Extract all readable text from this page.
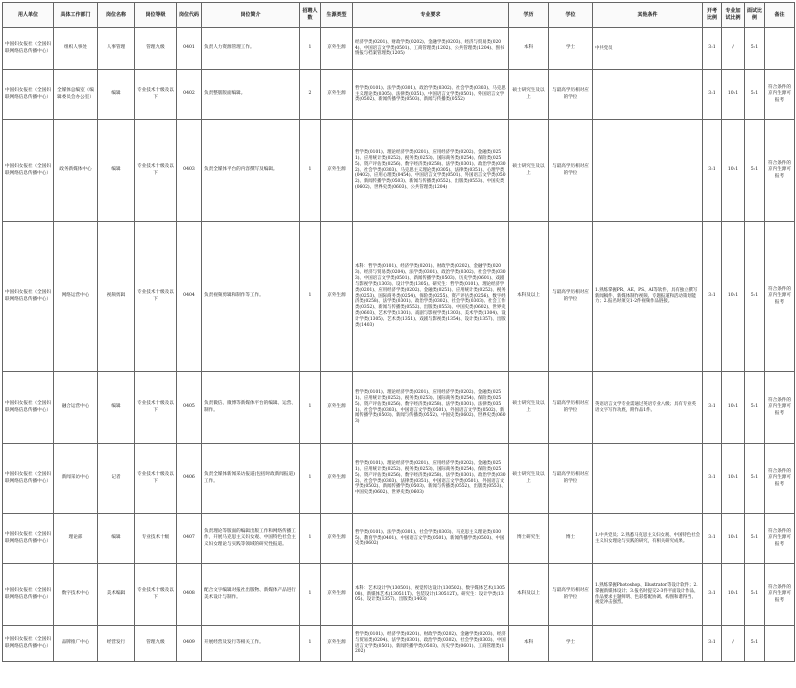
用人单位	具体工作部门	岗位名称	岗位等级	岗位代码	岗位简介	招聘人数	生源类型	专业要求	学历	学位	其他条件	开考比例	专业加试比例	面试比例	备注
中国妇女报社（全国妇联网络信息传播中心）	组织人事处	人事管理	管理九级	0401	负责人力资源管理工作。	1	京外生源	经济学类(0201)、财政学类(0202)、金融学类(0203)、经济与贸易类(0204)、中国语言文学类(0501)、工商管理类(1202)、公共管理类(1204)、图书情报与档案管理类(1205)	本科	学士	中共党员	3:1	/	5:1	
中国妇女报社（全国妇联网络信息传播中心）	全媒体总编室（编辑委员会办公室）	编辑	专业技术十级及以下	0402	负责整版版面编辑。	2	京外生源	哲学类(0101)、法学类(0301)、政治学类(0302)、社会学类(0303)、马克思主义理论类(0305)、法律类(0351)、中国语言文学类(0501)、外国语言文学类(0502)、新闻传播学类(0503)、新闻与传播类(0552)	硕士研究生及以上	与最高学历相对应的学位		3:1	10:1	5:1	符合条件的京内生源可报考
中国妇女报社（全国妇联网络信息传播中心）	政务新媒体中心	编辑	专业技术十级及以下	0403	负责全媒体平台的内容撰写及编辑。	1	京外生源	哲学类(0101)、理论经济学类(0201)、应用经济学类(0202)、金融类(0251)、应用统计类(0252)、税务类(0253)、国际商务类(0254)、保险类(0255)、资产评估类(0256)、数字经济类(0258)、法学类(0301)、政治学类(0302)、社会学类(0303)、马克思主义理论类(0305)、法律类(0351)、心理学类(0402)、应用心理类(0454)、中国语言文学类(0501)、外国语言文学类(0502)、新闻传播学类(0503)、新闻与传播类(0552)、出版类(0553)、中国史类(0602)、世界史类(0603)、公共管理类(1204)	硕士研究生及以上	与最高学历相对应的学位		3:1	10:1	5:1	符合条件的京内生源可报考
中国妇女报社（全国妇联网络信息传播中心）	网络运营中心	视频剪辑	专业技术十级及以下	0404	负责视频剪辑和制作等工作。	1	京外生源	本科：哲学类(0101)、经济学类(0201)、财政学类(0202)、金融学类(0203)、经济与贸易类(0204)、法学类(0301)、政治学类(0302)、社会学类(0303)、中国语言文学类(0501)、新闻传播学类(0503)、历史学类(0601)、戏剧与影视学类(1303)、设计学类(1305)。研究生：哲学类(0101)、理论经济学类(0201)、应用经济学类(0202)、金融类(0251)、应用统计类(0252)、税务类(0253)、国际商务类(0254)、保险类(0255)、资产评估类(0256)、数字经济类(0258)、法学类(0301)、政治学类(0302)、社会学类(0303)、社会工作类(0352)、新闻与传播类(0552)、出版类(0553)、中国史类(0602)、世界史类(0603)、艺术学类(1301)、戏剧与影视学类(1303)、美术学类(1304)、设计学类(1305)、艺术类(1351)、戏剧与影视类(1354)、设计类(1357)、出版类(1403)	本科及以上	与最高学历相对应的学位	1.熟练掌握PR、AE、PS、AI等软件，具有独立撰写新闻稿件、新媒体制作视频、专题报道和活动策划能力；2.报名时须交1-2件视频作品链接。	3:1	10:1	5:1	符合条件的京内生源可报考
中国妇女报社（全国妇联网络信息传播中心）	融合运营中心	编辑	专业技术十级及以下	0405	负责微信、微博等新媒体平台的编辑、运营、制作。	1	京外生源	哲学类(0101)、理论经济学类(0201)、应用经济学类(0202)、金融类(0251)、应用统计类(0252)、税务类(0253)、国际商务类(0254)、保险类(0255)、资产评估类(0256)、数字经济类(0258)、法学类(0301)、法律类(0351)、社会学类(0303)、中国语言文学类(0501)、外国语言文学类(0502)、新闻传播学类(0503)、新闻与传播类(0552)、中国史类(0602)、世界史类(0603)	硕士研究生及以上	与最高学历相对应的学位	英语语言文学专业需通过英语专业八级；具有专业英语文字写作功底，附作品1件。	3:1	10:1	5:1	符合条件的京内生源可报考
中国妇女报社（全国妇联网络信息传播中心）	新闻采访中心	记者	专业技术十级及以下	0406	负责全媒体新闻采访报道(包括时政新闻报道)工作。	1	京外生源	哲学类(0101)、理论经济学类(0201)、应用经济学类(0202)、金融类(0251)、应用统计类(0252)、税务类(0253)、国际商务类(0254)、保险类(0255)、资产评估类(0256)、数字经济类(0258)、法学类(0301)、政治学类(0302)、社会学类(0303)、法律类(0351)、中国语言文学类(0501)、外国语言文学类(0502)、新闻传播学类(0503)、新闻与传播类(0552)、出版类(0553)、中国史类(0602)、世界史类(0603)	硕士研究生及以上	与最高学历相对应的学位		3:1	10:1	5:1	符合条件的京内生源可报考
中国妇女报社（全国妇联网络信息传播中心）	理论部	编辑	专业技术十级	0407	负责理论等版面的编辑出版工作和网络传播工作，开展马克思主义妇女观、中国特色社会主义妇女理论与实践等领域的研究性报道。	1	京外生源	哲学类(0101)、法学类(0301)、社会学类(0303)、马克思主义理论类(0305)、教育学类(0401)、中国语言文学类(0501)、新闻传播学类(0503)、中国史类(0602)	博士研究生	博士	1.中共党员；2.熟悉马克思主义妇女观、中国特色社会主义妇女理论与实践的研究，有相关研究成果。	3:1	10:1	5:1	符合条件的京内生源可报考
中国妇女报社（全国妇联网络信息传播中心）	数字技术中心	美术编辑	专业技术十级及以下	0408	配合文字编辑对报社出版物、新媒体产品进行美术设计与制作。	1	京外生源	本科：艺术设计学(130501)、视觉传达设计(130502)、数字媒体艺术(130508)、新媒体艺术(130511T)、包装设计(130512T)。研究生：设计学类(1305)、设计类(1357)、出版类(1403)	本科及以上	与最高学历相对应的学位	1.熟练掌握Photoshop、Illustrator等设计软件；2.掌握新媒体设计；3.报名时提交2-3件平面设计作品，作品要求主题鲜明、色彩搭配协调、构图和谐得当、视觉冲击强烈。	3:1	10:1	5:1	符合条件的京内生源可报考
中国妇女报社（全国妇联网络信息传播中心）	品牌推广中心	经营发行	管理九级	0409	开展经营及发行等相关工作。	1	京外生源	哲学类(0101)、经济学类(0201)、财政学类(0202)、金融学类(0203)、经济与贸易类(0204)、法学类(0301)、政治学类(0302)、社会学类(0303)、中国语言文学类(0501)、新闻传播学类(0503)、历史学类(0601)、工商管理类(1202)	本科	学士		3:1	/	5:1	
